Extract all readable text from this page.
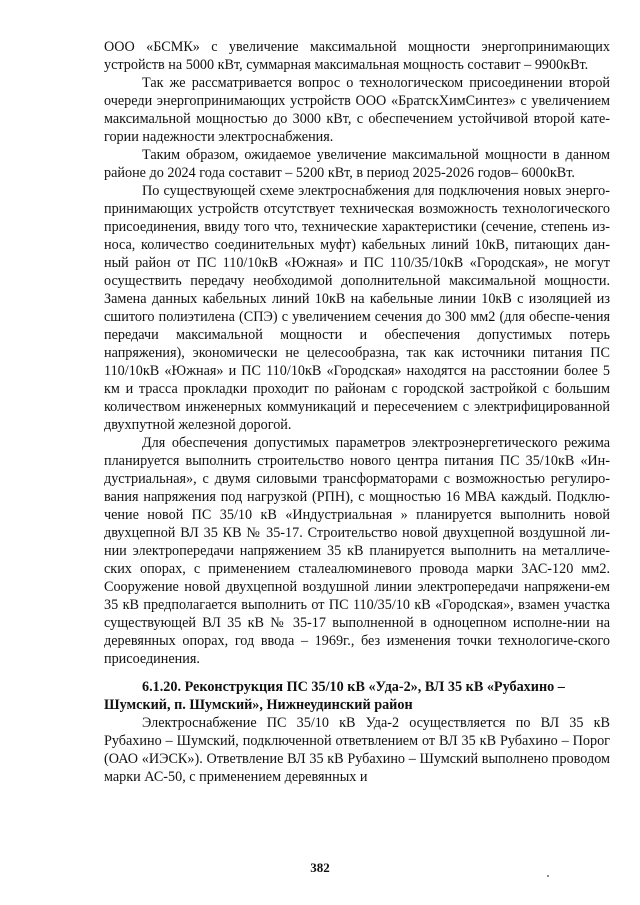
ООО «БСМК» с увеличение максимальной мощности энергопринимающих устройств на 5000 кВт, суммарная максимальная мощность составит – 9900кВт.

Так же рассматривается вопрос о технологическом присоединении второй очереди энергопринимающих устройств ООО «БратскХимСинтез» с увеличением максимальной мощностью до 3000 кВт, с обеспечением устойчивой второй кате-гории надежности электроснабжения.

Таким образом, ожидаемое увеличение максимальной мощности в данном районе до 2024 года составит – 5200 кВт, в период 2025-2026 годов– 6000кВт.

По существующей схеме электроснабжения для подключения новых энерго-принимающих устройств отсутствует техническая возможность технологического присоединения, ввиду того что, технические характеристики (сечение, степень из-носа, количество соединительных муфт) кабельных линий 10кВ, питающих дан-ный район от ПС 110/10кВ «Южная» и ПС 110/35/10кВ «Городская», не могут осуществить передачу необходимой дополнительной максимальной мощности. Замена данных кабельных линий 10кВ на кабельные линии 10кВ с изоляцией из сшитого полиэтилена (СПЭ) с увеличением сечения до 300 мм2 (для обеспе-чения передачи максимальной мощности и обеспечения допустимых потерь напряжения), экономически не целесообразна, так как источники питания ПС 110/10кВ «Южная» и ПС 110/10кВ «Городская» находятся на расстоянии более 5 км и трасса прокладки проходит по районам с городской застройкой с большим количеством инженерных коммуникаций и пересечением с электрифицированной двухпутной железной дорогой.

Для обеспечения допустимых параметров электроэнергетического режима планируется выполнить строительство нового центра питания ПС 35/10кВ «Ин-дустриальная», с двумя силовыми трансформаторами с возможностью регулиро-вания напряжения под нагрузкой (РПН), с мощностью 16 МВА каждый. Подклю-чение новой ПС 35/10 кВ «Индустриальная » планируется выполнить новой двухцепной ВЛ 35 КВ № 35-17. Строительство новой двухцепной воздушной ли-нии электропередачи напряжением 35 кВ планируется выполнить на металличе-ских опорах, с применением сталеалюминевого провода марки 3АС-120 мм2. Сооружение новой двухцепной воздушной линии электропередачи напряжени-ем 35 кВ предполагается выполнить от ПС 110/35/10 кВ «Городская», взамен участка существующей ВЛ 35 кВ № 35-17 выполненной в одноцепном исполне-нии на деревянных опорах, год ввода – 1969г., без изменения точки технологиче-ского присоединения.

6.1.20. Реконструкция ПС 35/10 кВ «Уда-2», ВЛ 35 кВ «Рубахино – Шумский, п. Шумский», Нижнеудинский район

Электроснабжение ПС 35/10 кВ Уда-2 осуществляется по ВЛ 35 кВ Рубахино – Шумский, подключенной ответвлением от ВЛ 35 кВ Рубахино – Порог (ОАО «ИЭСК»). Ответвление ВЛ 35 кВ Рубахино – Шумский выполнено проводом марки АС-50, с применением деревянных и

382
